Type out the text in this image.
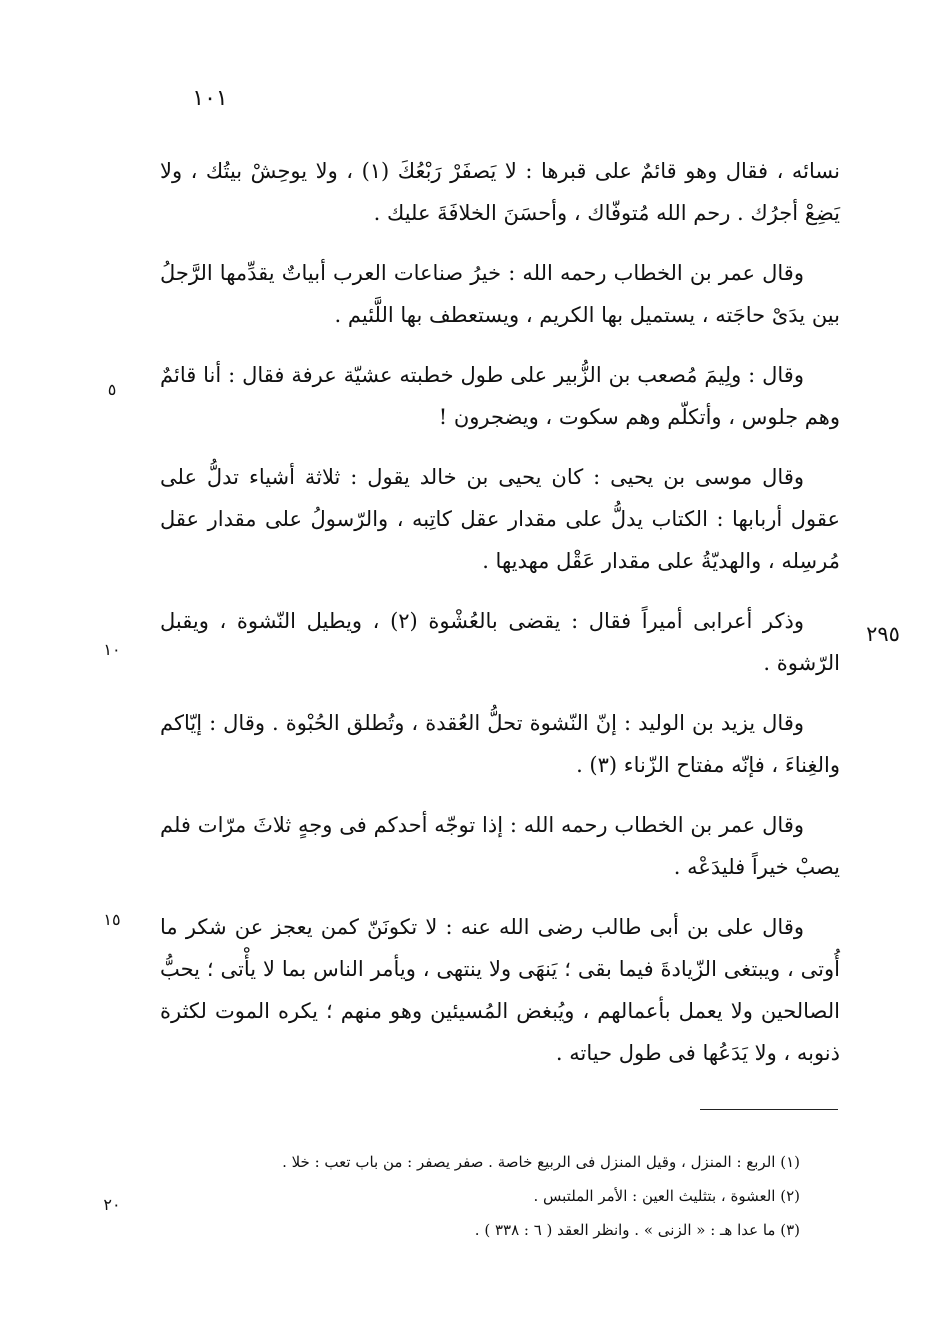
١٠١

نسائه ، فقال وهو قائمٌ على قبرها : لا يَصفَرْ رَبْعُكَ (١) ، ولا يوحِشْ بيتُك ، ولا يَضِعْ أجرُك . رحم الله مُتوفّاك ، وأحسَنَ الخلافَةَ عليك .

وقال عمر بن الخطاب رحمه الله : خيرُ صناعات العرب أبياتٌ يقدِّمها الرَّجلُ بين يدَىْ حاجَته ، يستميل بها الكريم ، ويستعطف بها اللَّئيم .

وقال : ولِيمَ مُصعب بن الزُّبير على طول خطبته عشيّة عرفة فقال : أنا قائمٌ وهم جلوس ، وأتكلّم وهم سكوت ، ويضجرون !

وقال موسى بن يحيى : كان يحيى بن خالد يقول : ثلاثة أشياء تدلُّ على عقول أربابها : الكتاب يدلُّ على مقدار عقل كاتِبه ، والرّسولُ على مقدار عقل مُرسِله ، والهديّةُ على مقدار عَقْل مهديها .

وذكر أعرابى أميراً فقال : يقضى بالعُشْوة (٢) ، ويطيل النّشوة ، ويقبل الرّشوة .

وقال يزيد بن الوليد : إنّ النّشوة تحلُّ العُقدة ، وتُطلق الحُبْوة . وقال : إيّاكم والغِناءَ ، فإنّه مفتاح الزّناء (٣) .

وقال عمر بن الخطاب رحمه الله : إذا توجّه أحدكم فى وجهٍ ثلاثَ مرّات فلم يصبْ خيراً فليدَعْه .

وقال على بن أبى طالب رضى الله عنه : لا تكونَنّ كمن يعجز عن شكر ما أُوتى ، ويبتغى الزّيادةَ فيما بقى ؛ يَنهَى ولا ينتهى ، ويأمر الناس بما لا يأْتى ؛ يحبُّ الصالحين ولا يعمل بأعمالهم ، ويُبغض المُسيئين وهو منهم ؛ يكره الموت لكثرة ذنوبه ، ولا يَدَعُها فى طول حياته .

٥
١٠
١٥
٢٠
٢٩٥

(١) الربع : المنزل ، وقيل المنزل فى الربيع خاصة . صفر يصفر : من باب تعب : خلا .

(٢) العشوة ، بتثليث العين : الأمر الملتبس .

(٣) ما عدا هـ : « الزنى » . وانظر العقد ( ٦ : ٣٣٨ ) .
